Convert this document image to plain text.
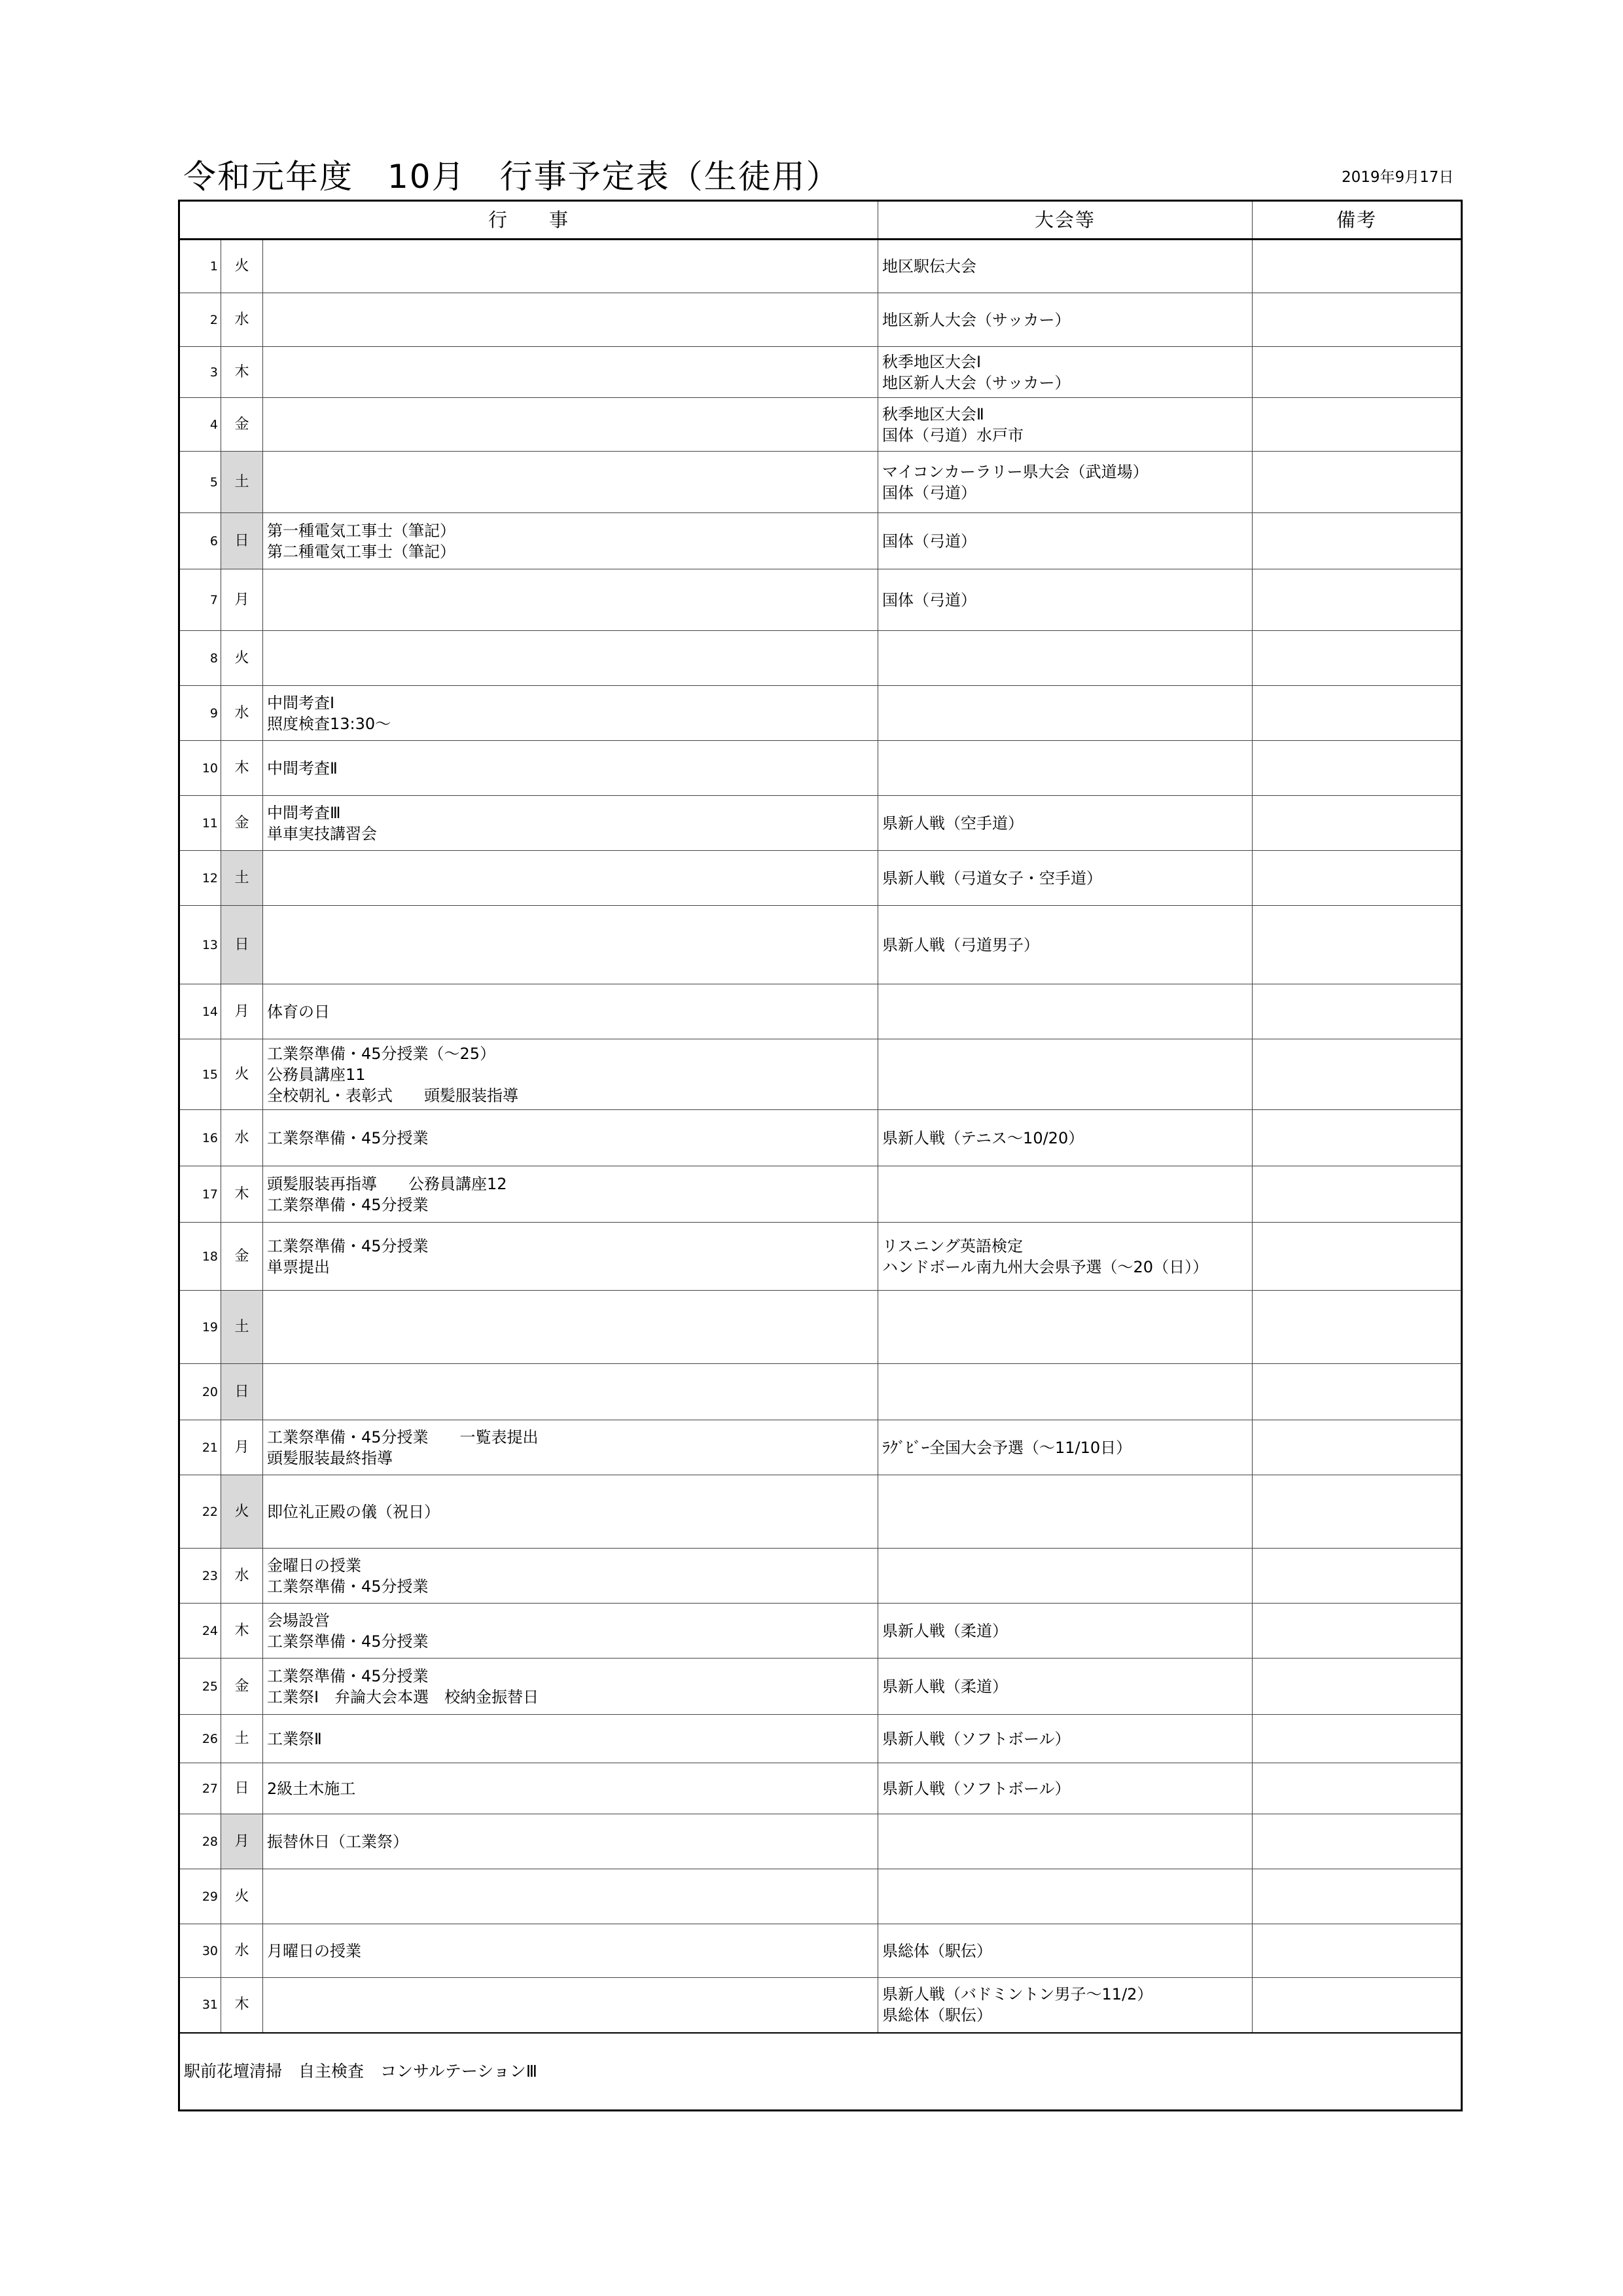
令和元年度　10月　行事予定表（生徒用）	2019年9月17日
行　　事			大会等	備考
1	火		地区駅伝大会	
2	水		地区新人大会（サッカー）	
3	木		秋季地区大会Ⅰ
地区新人大会（サッカー）	
4	金		秋季地区大会Ⅱ
国体（弓道）水戸市	
5	土		マイコンカーラリー県大会（武道場）
国体（弓道）	
6	日	第一種電気工事士（筆記）
第二種電気工事士（筆記）	国体（弓道）	
7	月		国体（弓道）	
8	火			
9	水	中間考査Ⅰ
照度検査13:30～		
10	木	中間考査Ⅱ		
11	金	中間考査Ⅲ
単車実技講習会	県新人戦（空手道）	
12	土		県新人戦（弓道女子・空手道）	
13	日		県新人戦（弓道男子）	
14	月	体育の日		
15	火	工業祭準備・45分授業（～25）
公務員講座11
全校朝礼・表彰式　　頭髪服装指導		
16	水	工業祭準備・45分授業	県新人戦（テニス～10/20）	
17	木	頭髪服装再指導　　公務員講座12
工業祭準備・45分授業		
18	金	工業祭準備・45分授業
単票提出	リスニング英語検定
ハンドボール南九州大会県予選（～20（日））	
19	土			
20	日			
21	月	工業祭準備・45分授業　　一覧表提出
頭髪服装最終指導	ﾗｸﾞﾋﾞｰ全国大会予選（～11/10日）	
22	火	即位礼正殿の儀（祝日）		
23	水	金曜日の授業
工業祭準備・45分授業		
24	木	会場設営
工業祭準備・45分授業	県新人戦（柔道）	
25	金	工業祭準備・45分授業
工業祭Ⅰ　弁論大会本選　校納金振替日	県新人戦（柔道）	
26	土	工業祭Ⅱ	県新人戦（ソフトボール）	
27	日	2級土木施工	県新人戦（ソフトボール）	
28	月	振替休日（工業祭）		
29	火			
30	水	月曜日の授業	県総体（駅伝）	
31	木		県新人戦（バドミントン男子～11/2）
県総体（駅伝）	
駅前花壇清掃　自主検査　コンサルテーションⅢ				
